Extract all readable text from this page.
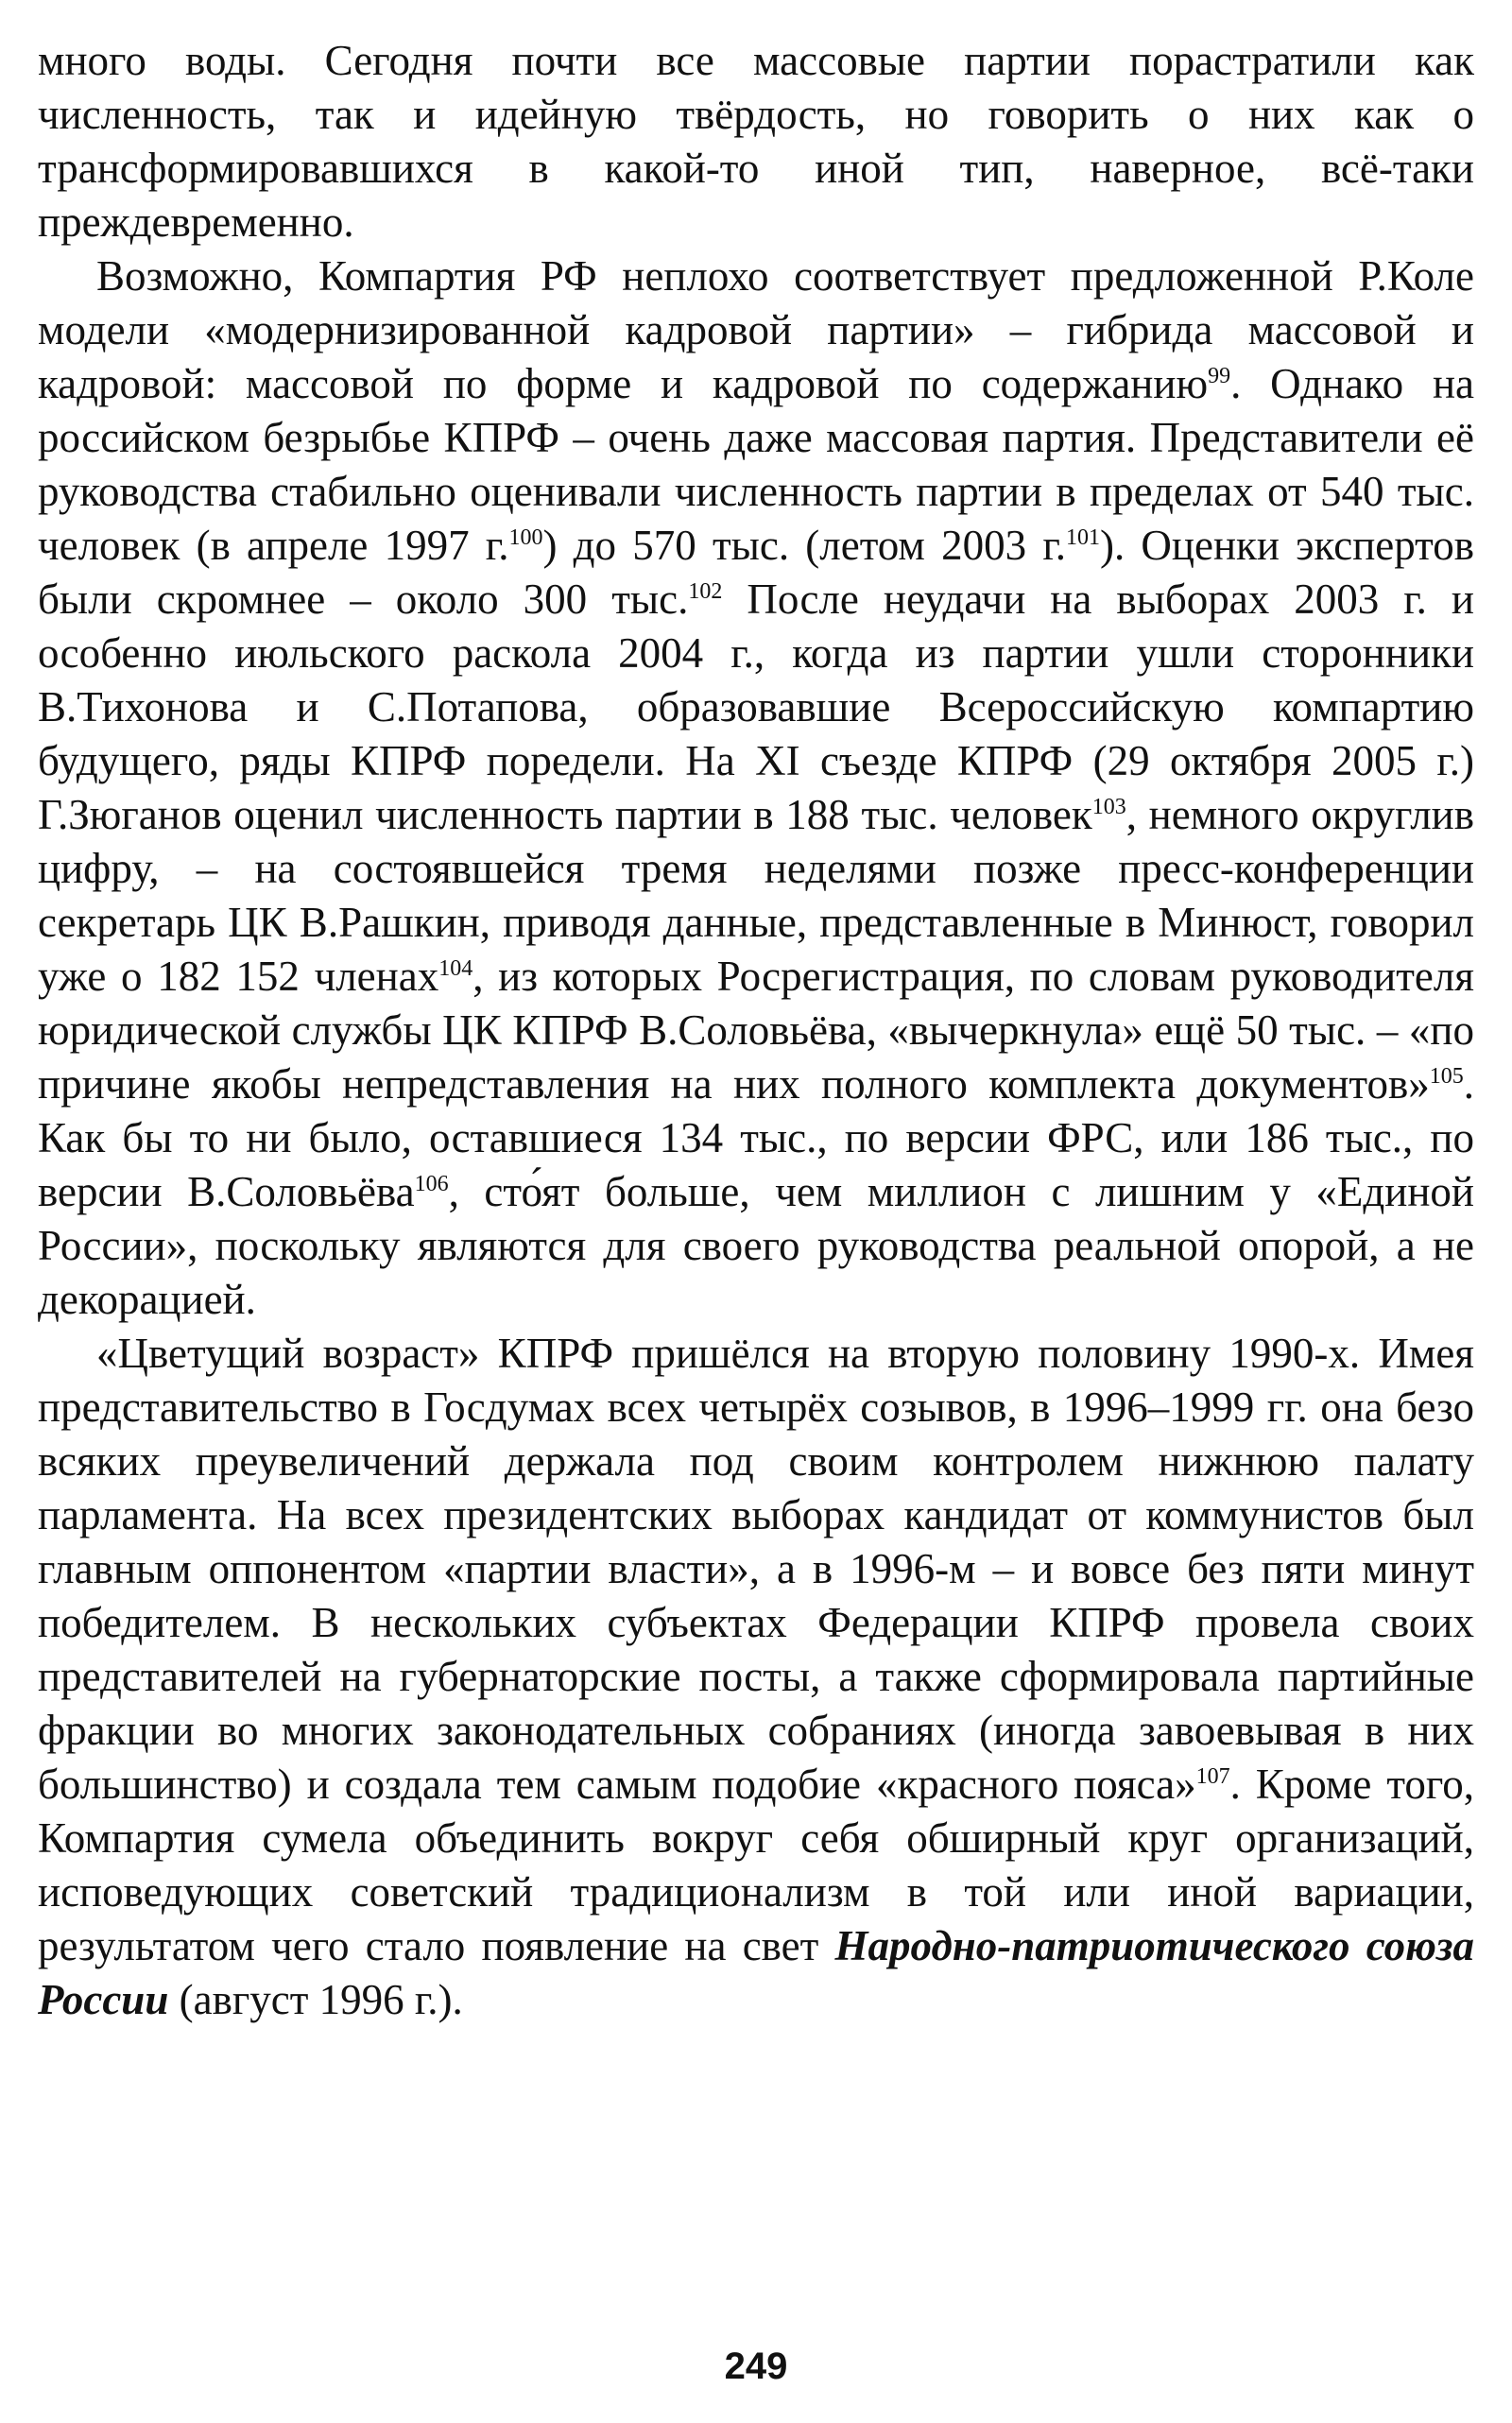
много воды. Сегодня почти все массовые партии порастратили как численность, так и идейную твёрдость, но говорить о них как о трансформировавшихся в какой-то иной тип, наверное, всё-таки преждевременно.

Возможно, Компартия РФ неплохо соответствует предложенной Р.Коле модели «модернизированной кадровой партии» – гибрида массовой и кадровой: массовой по форме и кадровой по содержанию$^{99}$. Однако на российском безрыбье КПРФ – очень даже массовая партия. Представители её руководства стабильно оценивали численность партии в пределах от 540 тыс. человек (в апреле 1997 г.$^{100}$) до 570 тыс. (летом 2003 г.$^{101}$). Оценки экспертов были скромнее – около 300 тыс.$^{102}$ После неудачи на выборах 2003 г. и особенно июльского раскола 2004 г., когда из партии ушли сторонники В.Тихонова и С.Потапова, образовавшие Всероссийскую компартию будущего, ряды КПРФ поредели. На XI съезде КПРФ (29 октября 2005 г.) Г.Зюганов оценил численность партии в 188 тыс. человек$^{103}$, немного округлив цифру, – на состоявшейся тремя неделями позже пресс-конференции секретарь ЦК В.Рашкин, приводя данные, представленные в Минюст, говорил уже о 182 152 членах$^{104}$, из которых Росрегистрация, по словам руководителя юридической службы ЦК КПРФ В.Соловьёва, «вычеркнула» ещё 50 тыс. – «по причине якобы непредставления на них полного комплекта документов»$^{105}$. Как бы то ни было, оставшиеся 134 тыс., по версии ФРС, или 186 тыс., по версии В.Соловьёва$^{106}$, сто́ят больше, чем миллион с лишним у «Единой России», поскольку являются для своего руководства реальной опорой, а не декорацией.

«Цветущий возраст» КПРФ пришёлся на вторую половину 1990-х. Имея представительство в Госдумах всех четырёх созывов, в 1996–1999 гг. она безо всяких преувеличений держала под своим контролем нижнюю палату парламента. На всех президентских выборах кандидат от коммунистов был главным оппонентом «партии власти», а в 1996-м – и вовсе без пяти минут победителем. В нескольких субъектах Федерации КПРФ провела своих представителей на губернаторские посты, а также сформировала партийные фракции во многих законодательных собраниях (иногда завоевывая в них большинство) и создала тем самым подобие «красного пояса»$^{107}$. Кроме того, Компартия сумела объединить вокруг себя обширный круг организаций, исповедующих советский традиционализм в той или иной вариации, результатом чего стало появление на свет Народно-патриотического союза России (август 1996 г.).

249
